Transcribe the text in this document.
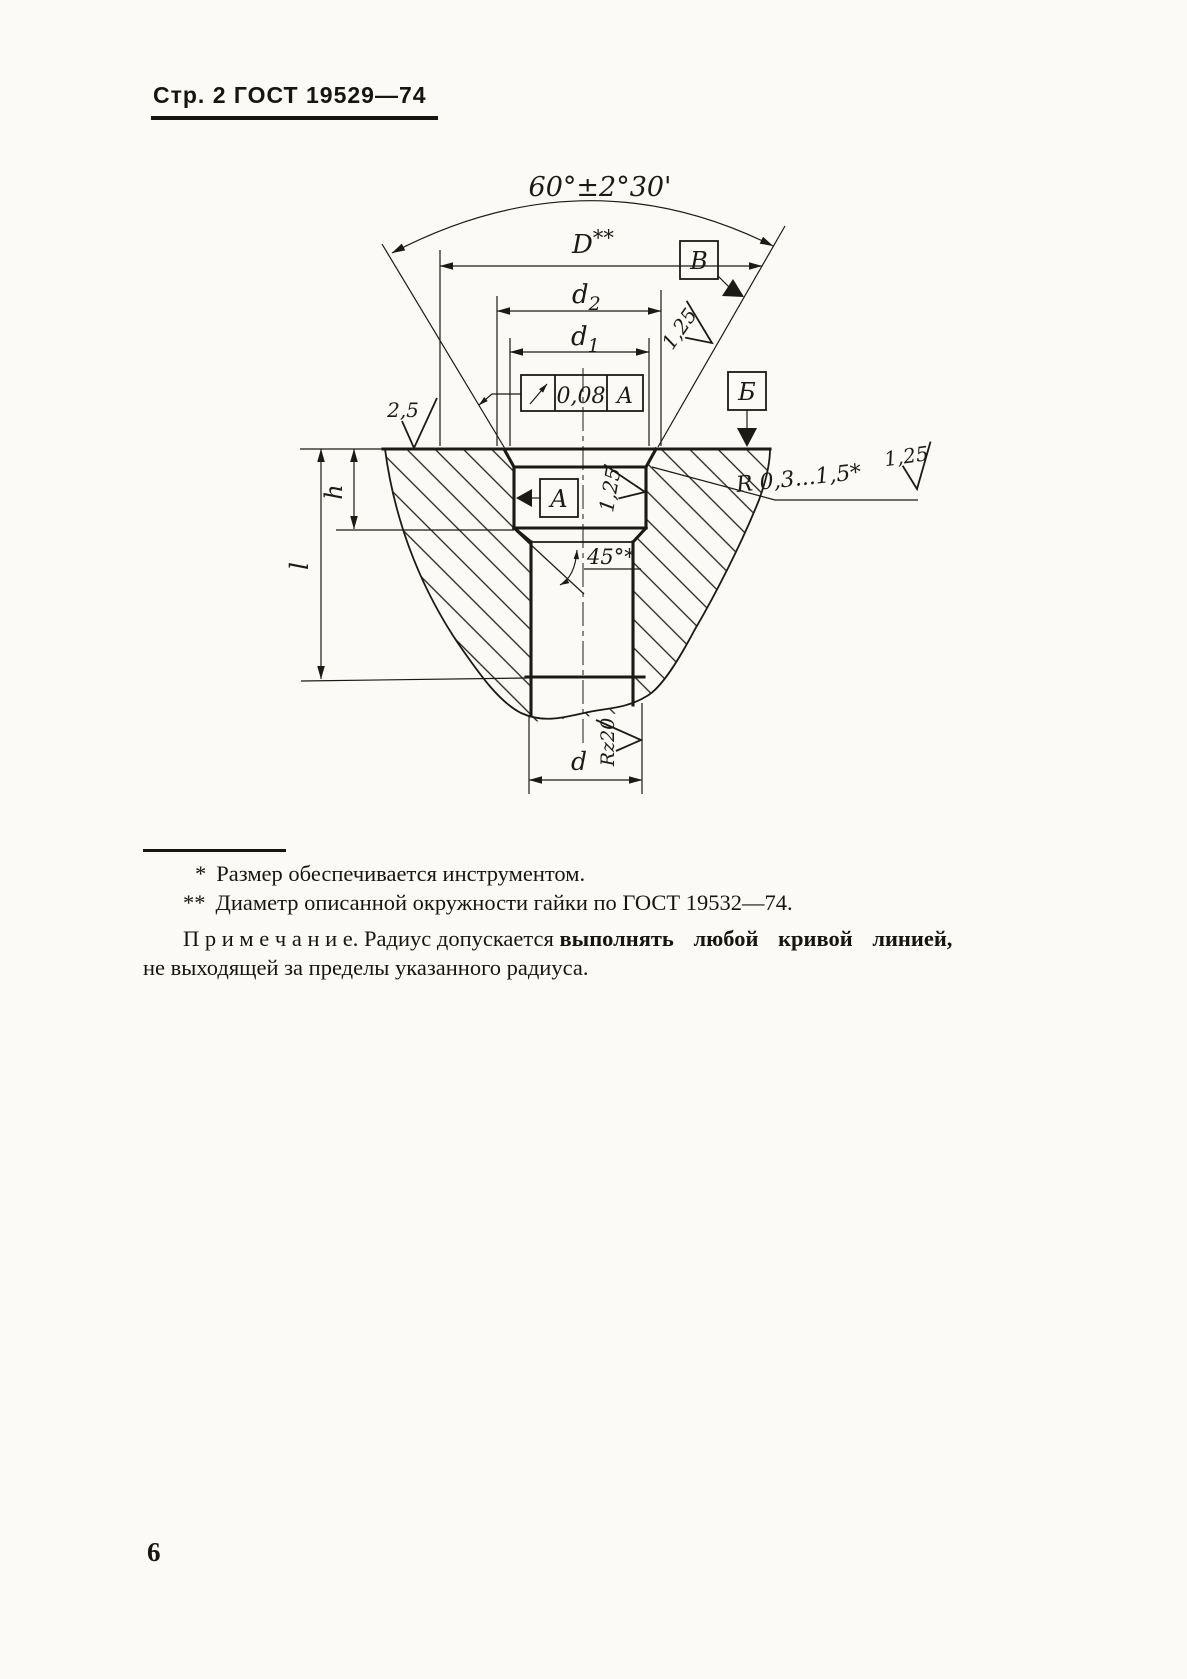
Стр. 2 ГОСТ 19529—74
60°±2°30'
D**
$d_2$
$d_1$
0,08 А
А
Б
В
2,5
1,25
1,25
1,25
Rz20
R 0,3...1,5*
45°*
h
l
d
* Размер обеспечивается инструментом.
** Диаметр описанной окружности гайки по ГОСТ 19532—74.
П р и м е ч а н и е. Радиус допускается выполнять любой кривой линией,
не выходящей за пределы указанного радиуса.
6
